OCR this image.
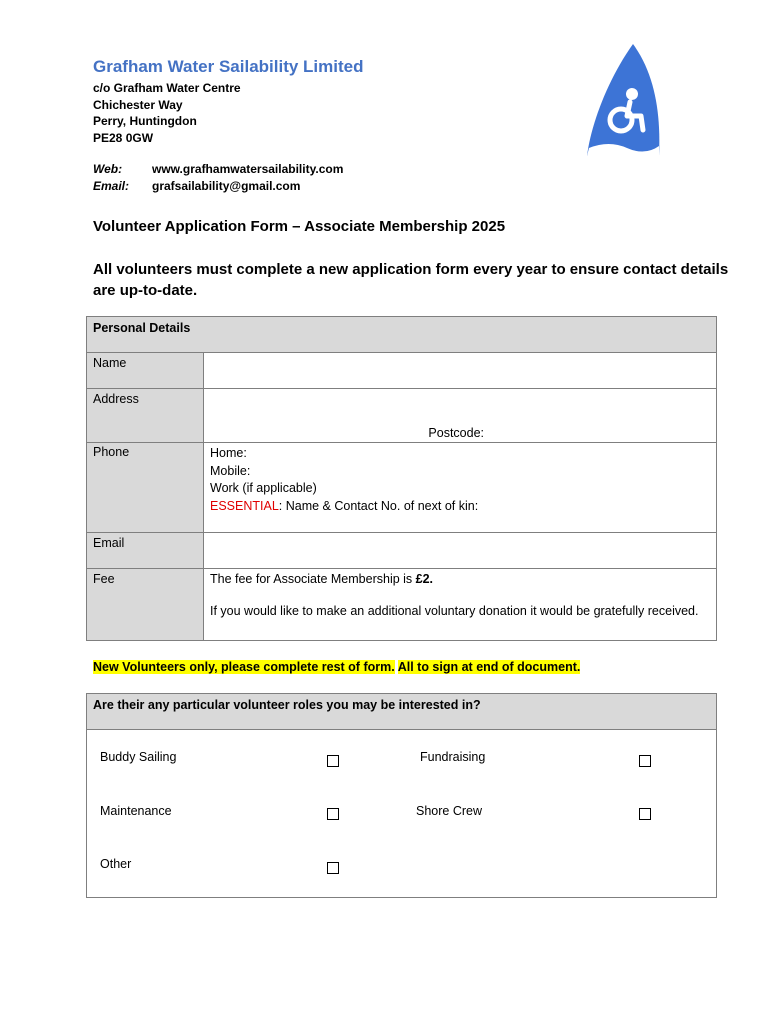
Grafham Water Sailability Limited
c/o Grafham Water Centre
Chichester Way
Perry, Huntingdon
PE28 0GW
Web:	www.grafhamwatersailability.com
Email:	grafsailability@gmail.com
Volunteer Application Form – Associate Membership 2025
All volunteers must complete a new application form every year to ensure contact details are up-to-date.
Personal Details	
Name	
Address	Postcode:

Phone	Home:
Mobile:
Work (if applicable)
ESSENTIAL: Name & Contact No. of next of kin:

Email	
Fee	The fee for Associate Membership is £2.
If you would like to make an additional voluntary donation it would be gratefully received.
New Volunteers only, please complete rest of form. All to sign at end of document.
Are their any particular volunteer roles you may be interested in?
Buddy Sailing	Fundraising
Maintenance	Shore Crew
Other
